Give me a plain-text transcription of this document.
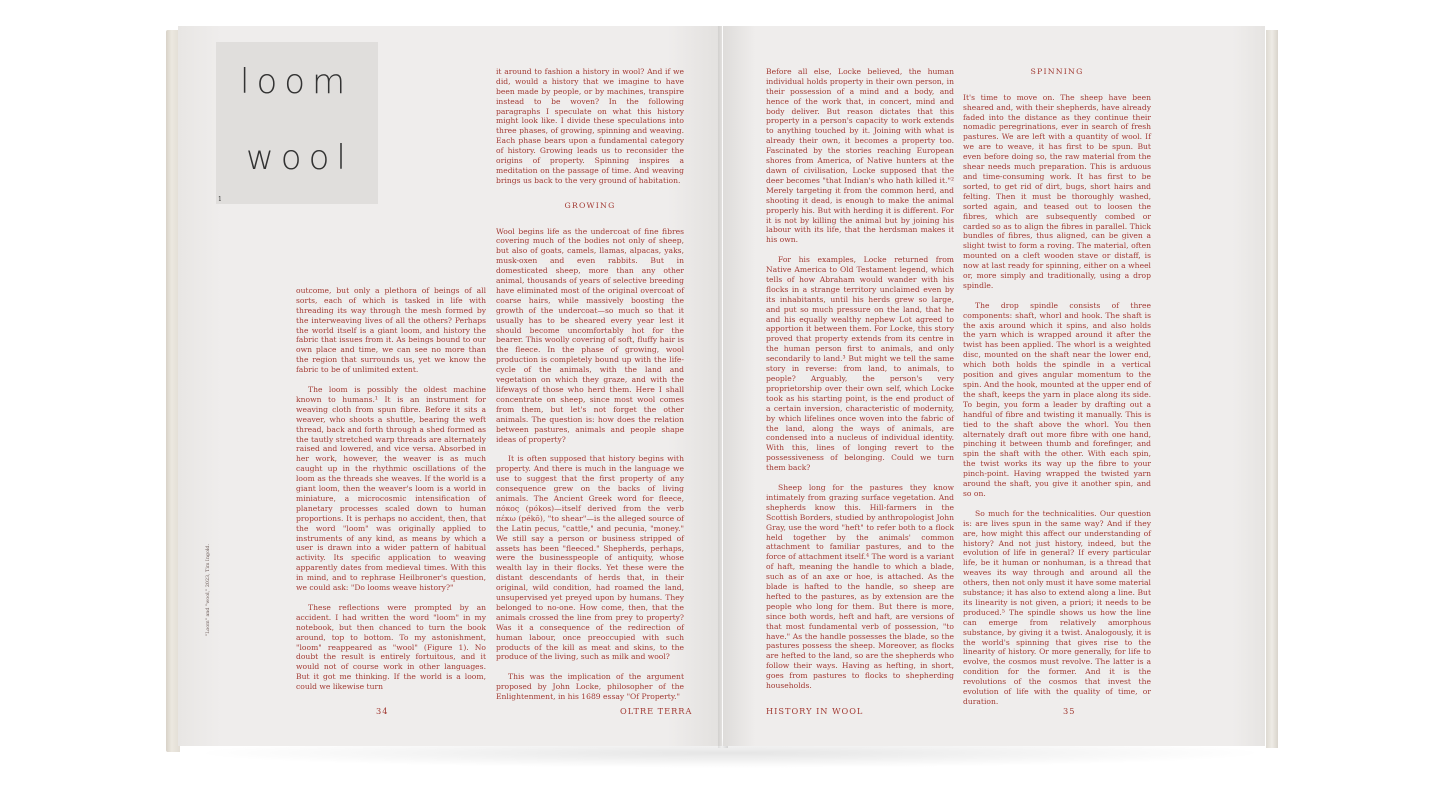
loom
wool
1
"Loom" and "wool," 2023, Tim Ingold.

outcome, but only a plethora of beings of all sorts, each of which is tasked in life with threading its way through the mesh formed by the interweaving lives of all the others? Perhaps the world itself is a giant loom, and history the fabric that issues from it. As beings bound to our own place and time, we can see no more than the region that surrounds us, yet we know the fabric to be of unlimited extent.

The loom is possibly the oldest machine known to humans.¹ It is an instrument for weaving cloth from spun fibre. Before it sits a weaver, who shoots a shuttle, bearing the weft thread, back and forth through a shed formed as the tautly stretched warp threads are alternately raised and lowered, and vice versa. Absorbed in her work, however, the weaver is as much caught up in the rhythmic oscillations of the loom as the threads she weaves. If the world is a giant loom, then the weaver's loom is a world in miniature, a microcosmic intensification of planetary processes scaled down to human proportions. It is perhaps no accident, then, that the word "loom" was originally applied to instruments of any kind, as means by which a user is drawn into a wider pattern of habitual activity. Its specific application to weaving apparently dates from medieval times. With this in mind, and to rephrase Heilbroner's question, we could ask: "Do looms weave history?"

These reflections were prompted by an accident. I had written the word "loom" in my notebook, but then chanced to turn the book around, top to bottom. To my astonishment, "loom" reappeared as "wool" (Figure 1). No doubt the result is entirely fortuitous, and it would not of course work in other languages. But it got me thinking. If the world is a loom, could we likewise turn

it around to fashion a history in wool? And if we did, would a history that we imagine to have been made by people, or by machines, transpire instead to be woven? In the following paragraphs I speculate on what this history might look like. I divide these speculations into three phases, of growing, spinning and weaving. Each phase bears upon a fundamental category of history. Growing leads us to reconsider the origins of property. Spinning inspires a meditation on the passage of time. And weaving brings us back to the very ground of habitation.

GROWING

Wool begins life as the undercoat of fine fibres covering much of the bodies not only of sheep, but also of goats, camels, llamas, alpacas, yaks, musk-oxen and even rabbits. But in domesticated sheep, more than any other animal, thousands of years of selective breeding have eliminated most of the original overcoat of coarse hairs, while massively boosting the growth of the undercoat—so much so that it usually has to be sheared every year lest it should become uncomfortably hot for the bearer. This woolly covering of soft, fluffy hair is the fleece. In the phase of growing, wool production is completely bound up with the life-cycle of the animals, with the land and vegetation on which they graze, and with the lifeways of those who herd them. Here I shall concentrate on sheep, since most wool comes from them, but let's not forget the other animals. The question is: how does the relation between pastures, animals and people shape ideas of property?

It is often supposed that history begins with property. And there is much in the language we use to suggest that the first property of any consequence grew on the backs of living animals. The Ancient Greek word for fleece, πόκος (pókos)—itself derived from the verb πέκω (pékō), "to shear"—is the alleged source of the Latin pecus, "cattle," and pecunia, "money." We still say a person or business stripped of assets has been "fleeced." Shepherds, perhaps, were the businesspeople of antiquity, whose wealth lay in their flocks. Yet these were the distant descendants of herds that, in their original, wild condition, had roamed the land, unsupervised yet preyed upon by humans. They belonged to no-one. How come, then, that the animals crossed the line from prey to property? Was it a consequence of the redirection of human labour, once preoccupied with such products of the kill as meat and skins, to the produce of the living, such as milk and wool?

This was the implication of the argument proposed by John Locke, philosopher of the Enlightenment, in his 1689 essay "Of Property."

34	OLTRE TERRA

Before all else, Locke believed, the human individual holds property in their own person, in their possession of a mind and a body, and hence of the work that, in concert, mind and body deliver. But reason dictates that this property in a person's capacity to work extends to anything touched by it. Joining with what is already their own, it becomes a property too. Fascinated by the stories reaching European shores from America, of Native hunters at the dawn of civilisation, Locke supposed that the deer becomes "that Indian's who hath killed it."² Merely targeting it from the common herd, and shooting it dead, is enough to make the animal properly his. But with herding it is different. For it is not by killing the animal but by joining his labour with its life, that the herdsman makes it his own.

For his examples, Locke returned from Native America to Old Testament legend, which tells of how Abraham would wander with his flocks in a strange territory unclaimed even by its inhabitants, until his herds grew so large, and put so much pressure on the land, that he and his equally wealthy nephew Lot agreed to apportion it between them. For Locke, this story proved that property extends from its centre in the human person first to animals, and only secondarily to land.³ But might we tell the same story in reverse: from land, to animals, to people? Arguably, the person's very proprietorship over their own self, which Locke took as his starting point, is the end product of a certain inversion, characteristic of modernity, by which lifelines once woven into the fabric of the land, along the ways of animals, are condensed into a nucleus of individual identity. With this, lines of longing revert to the possessiveness of belonging. Could we turn them back?

Sheep long for the pastures they know intimately from grazing surface vegetation. And shepherds know this. Hill-farmers in the Scottish Borders, studied by anthropologist John Gray, use the word "heft" to refer both to a flock held together by the animals' common attachment to familiar pastures, and to the force of attachment itself.⁴ The word is a variant of haft, meaning the handle to which a blade, such as of an axe or hoe, is attached. As the blade is hafted to the handle, so sheep are hefted to the pastures, as by extension are the people who long for them. But there is more, since both words, heft and haft, are versions of that most fundamental verb of possession, "to have." As the handle possesses the blade, so the pastures possess the sheep. Moreover, as flocks are hefted to the land, so are the shepherds who follow their ways. Having as hefting, in short, goes from pastures to flocks to shepherding households.

SPINNING

It's time to move on. The sheep have been sheared and, with their shepherds, have already faded into the distance as they continue their nomadic peregrinations, ever in search of fresh pastures. We are left with a quantity of wool. If we are to weave, it has first to be spun. But even before doing so, the raw material from the shear needs much preparation. This is arduous and time-consuming work. It has first to be sorted, to get rid of dirt, bugs, short hairs and felting. Then it must be thoroughly washed, sorted again, and teased out to loosen the fibres, which are subsequently combed or carded so as to align the fibres in parallel. Thick bundles of fibres, thus aligned, can be given a slight twist to form a roving. The material, often mounted on a cleft wooden stave or distaff, is now at last ready for spinning, either on a wheel or, more simply and traditionally, using a drop spindle.

The drop spindle consists of three components: shaft, whorl and hook. The shaft is the axis around which it spins, and also holds the yarn which is wrapped around it after the twist has been applied. The whorl is a weighted disc, mounted on the shaft near the lower end, which both holds the spindle in a vertical position and gives angular momentum to the spin. And the hook, mounted at the upper end of the shaft, keeps the yarn in place along its side. To begin, you form a leader by drafting out a handful of fibre and twisting it manually. This is tied to the shaft above the whorl. You then alternately draft out more fibre with one hand, pinching it between thumb and forefinger, and spin the shaft with the other. With each spin, the twist works its way up the fibre to your pinch-point. Having wrapped the twisted yarn around the shaft, you give it another spin, and so on.

So much for the technicalities. Our question is: are lives spun in the same way? And if they are, how might this affect our understanding of history? And not just history, indeed, but the evolution of life in general? If every particular life, be it human or nonhuman, is a thread that weaves its way through and around all the others, then not only must it have some material substance; it has also to extend along a line. But its linearity is not given, a priori; it needs to be produced.⁵ The spindle shows us how the line can emerge from relatively amorphous substance, by giving it a twist. Analogously, it is the world's spinning that gives rise to the linearity of history. Or more generally, for life to evolve, the cosmos must revolve. The latter is a condition for the former. And it is the revolutions of the cosmos that invest the evolution of life with the quality of time, or duration.

HISTORY IN WOOL	35
